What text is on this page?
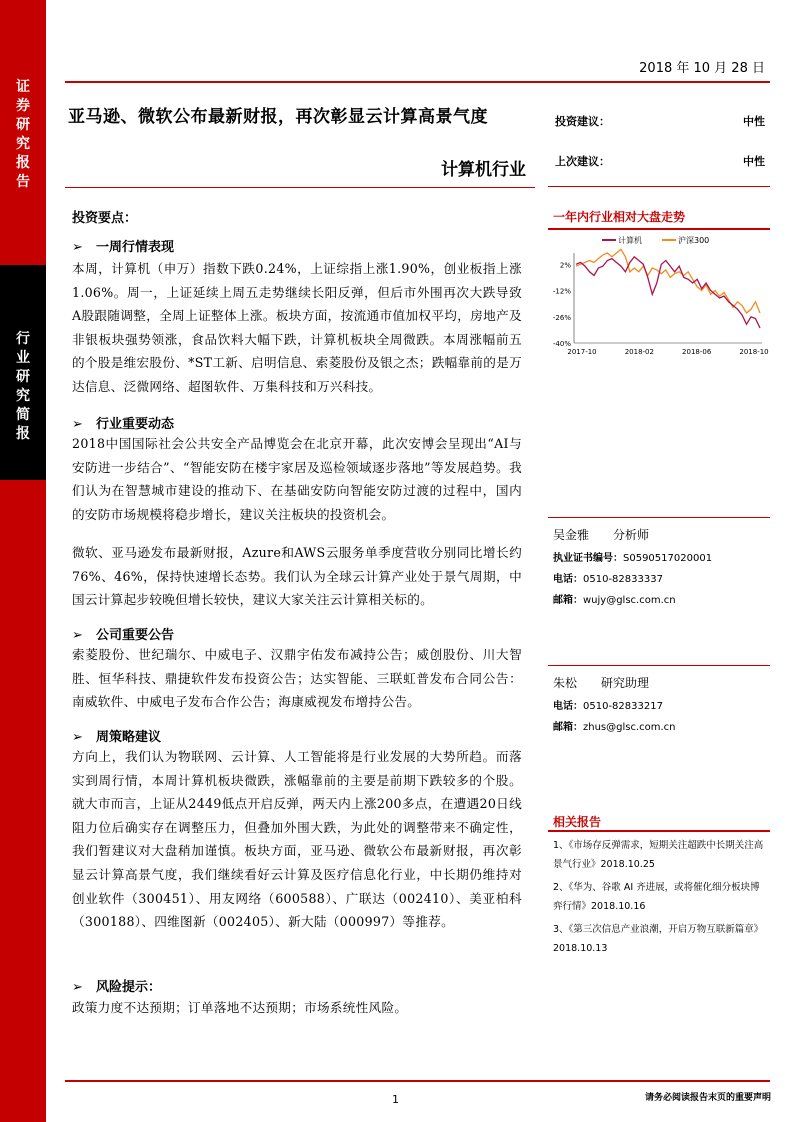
证
券
研
究
报
告
行
业
研
究
简
报
2018 年 10 月 28 日
亚马逊、微软公布最新财报，再次彰显云计算高景气度
计算机行业
投资建议：	中性
上次建议：	中性
投资要点：
➢ 一周行情表现
本周，计算机（申万）指数下跌0.24%，上证综指上涨1.90%，创业板指上涨1.06%。周一，上证延续上周五走势继续长阳反弹，但后市外围再次大跌导致A股跟随调整，全周上证整体上涨。板块方面，按流通市值加权平均，房地产及非银板块强势领涨，食品饮料大幅下跌，计算机板块全周微跌。本周涨幅前五的个股是维宏股份、*ST工新、启明信息、索菱股份及银之杰；跌幅靠前的是万达信息、泛微网络、超图软件、万集科技和万兴科技。
➢ 行业重要动态
2018中国国际社会公共安全产品博览会在北京开幕，此次安博会呈现出“AI与安防进一步结合”、“智能安防在楼宇家居及巡检领域逐步落地”等发展趋势。我们认为在智慧城市建设的推动下、在基础安防向智能安防过渡的过程中，国内的安防市场规模将稳步增长，建议关注板块的投资机会。
微软、亚马逊发布最新财报，Azure和AWS云服务单季度营收分别同比增长约76%、46%，保持快速增长态势。我们认为全球云计算产业处于景气周期，中国云计算起步较晚但增长较快，建议大家关注云计算相关标的。
➢ 公司重要公告
索菱股份、世纪瑞尔、中威电子、汉鼎宇佑发布减持公告；威创股份、川大智胜、恒华科技、鼎捷软件发布投资公告；达实智能、三联虹普发布合同公告：南威软件、中威电子发布合作公告；海康威视发布增持公告。
➢ 周策略建议
方向上，我们认为物联网、云计算、人工智能将是行业发展的大势所趋。而落实到周行情，本周计算机板块微跌，涨幅靠前的主要是前期下跌较多的个股。就大市而言，上证从2449低点开启反弹，两天内上涨200多点，在遭遇20日线阻力位后确实存在调整压力，但叠加外围大跌，为此处的调整带来不确定性，我们暂建议对大盘稍加谨慎。板块方面，亚马逊、微软公布最新财报，再次彰显云计算高景气度，我们继续看好云计算及医疗信息化行业，中长期仍维持对创业软件（300451）、用友网络（600588）、广联达（002410）、美亚柏科（300188）、四维图新（002405）、新大陆（000997）等推荐。
➢ 风险提示：
政策力度不达预期；订单落地不达预期；市场系统性风险。
一年内行业相对大盘走势
计算机	沪深300
2%
-12%
-26%
-40%
2017-10	2018-02	2018-06	2018-10
吴金雅 分析师
执业证书编号：S0590517020001
电话：0510-82833337
邮箱：wujy@glsc.com.cn
朱松 研究助理
电话：0510-82833217
邮箱：zhus@glsc.com.cn
相关报告
1、《市场存反弹需求，短期关注超跌中长期关注高景气行业》2018.10.25
2、《华为、谷歌 AI 齐进展，或将催化细分板块博弈行情》2018.10.16
3、《第三次信息产业浪潮，开启万物互联新篇章》
2018.10.13
1	请务必阅读报告末页的重要声明
